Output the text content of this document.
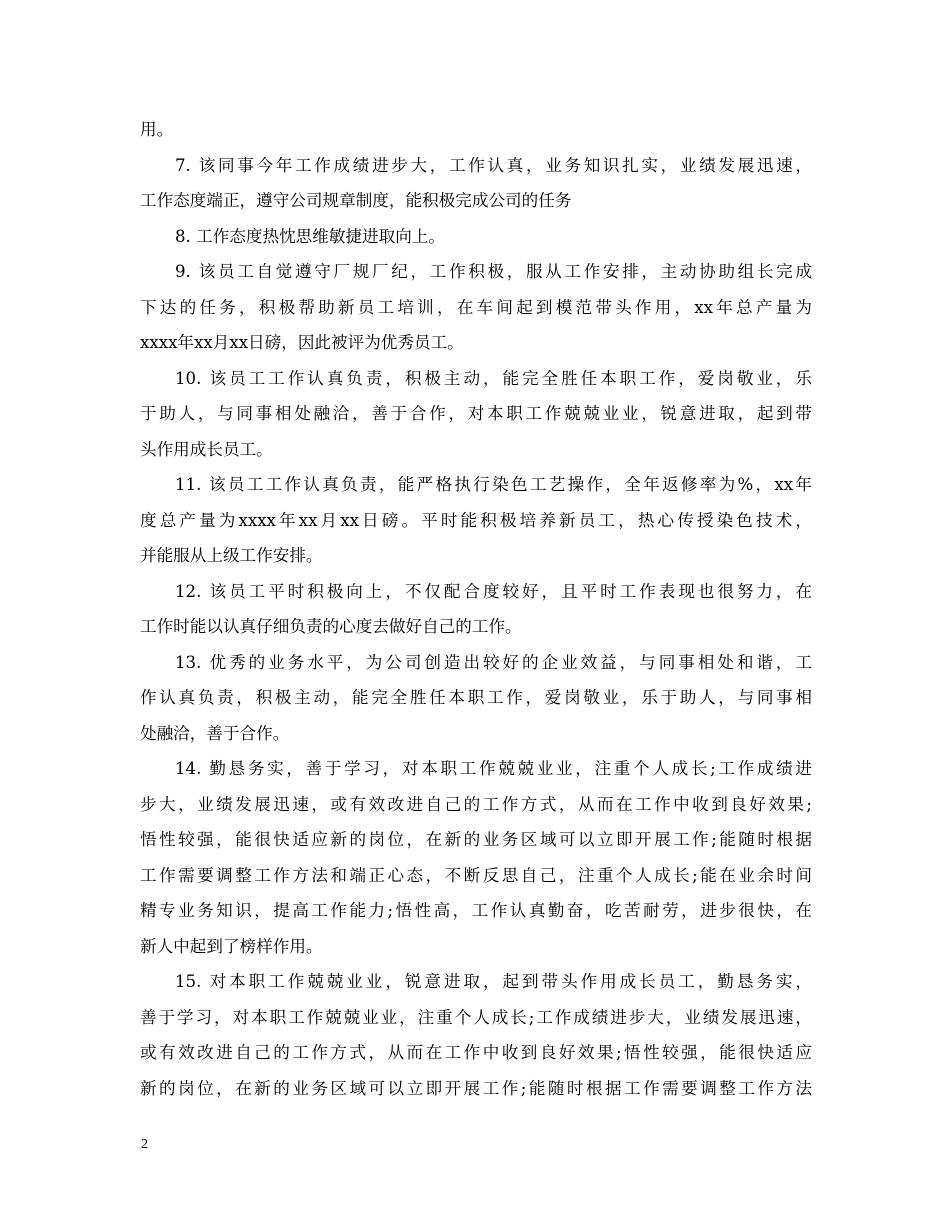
用。
7. 该同事今年工作成绩进步大，工作认真，业务知识扎实，业绩发展迅速，
工作态度端正，遵守公司规章制度，能积极完成公司的任务
8. 工作态度热忱思维敏捷进取向上。
9. 该员工自觉遵守厂规厂纪，工作积极，服从工作安排，主动协助组长完成
下达的任务，积极帮助新员工培训，在车间起到模范带头作用，xx年总产量为
xxxx年xx月xx日磅，因此被评为优秀员工。
10. 该员工工作认真负责，积极主动，能完全胜任本职工作，爱岗敬业，乐
于助人，与同事相处融洽，善于合作，对本职工作兢兢业业，锐意进取，起到带
头作用成长员工。
11. 该员工工作认真负责，能严格执行染色工艺操作，全年返修率为%，xx年
度总产量为xxxx年xx月xx日磅。平时能积极培养新员工，热心传授染色技术，
并能服从上级工作安排。
12. 该员工平时积极向上，不仅配合度较好，且平时工作表现也很努力，在
工作时能以认真仔细负责的心度去做好自己的工作。
13. 优秀的业务水平，为公司创造出较好的企业效益，与同事相处和谐，工
作认真负责，积极主动，能完全胜任本职工作，爱岗敬业，乐于助人，与同事相
处融洽，善于合作。
14. 勤恳务实，善于学习，对本职工作兢兢业业，注重个人成长;工作成绩进
步大，业绩发展迅速，或有效改进自己的工作方式，从而在工作中收到良好效果;
悟性较强，能很快适应新的岗位，在新的业务区域可以立即开展工作;能随时根据
工作需要调整工作方法和端正心态，不断反思自己，注重个人成长;能在业余时间
精专业务知识，提高工作能力;悟性高，工作认真勤奋，吃苦耐劳，进步很快，在
新人中起到了榜样作用。
15. 对本职工作兢兢业业，锐意进取，起到带头作用成长员工，勤恳务实，
善于学习，对本职工作兢兢业业，注重个人成长;工作成绩进步大，业绩发展迅速，
或有效改进自己的工作方式，从而在工作中收到良好效果;悟性较强，能很快适应
新的岗位，在新的业务区域可以立即开展工作;能随时根据工作需要调整工作方法
2
